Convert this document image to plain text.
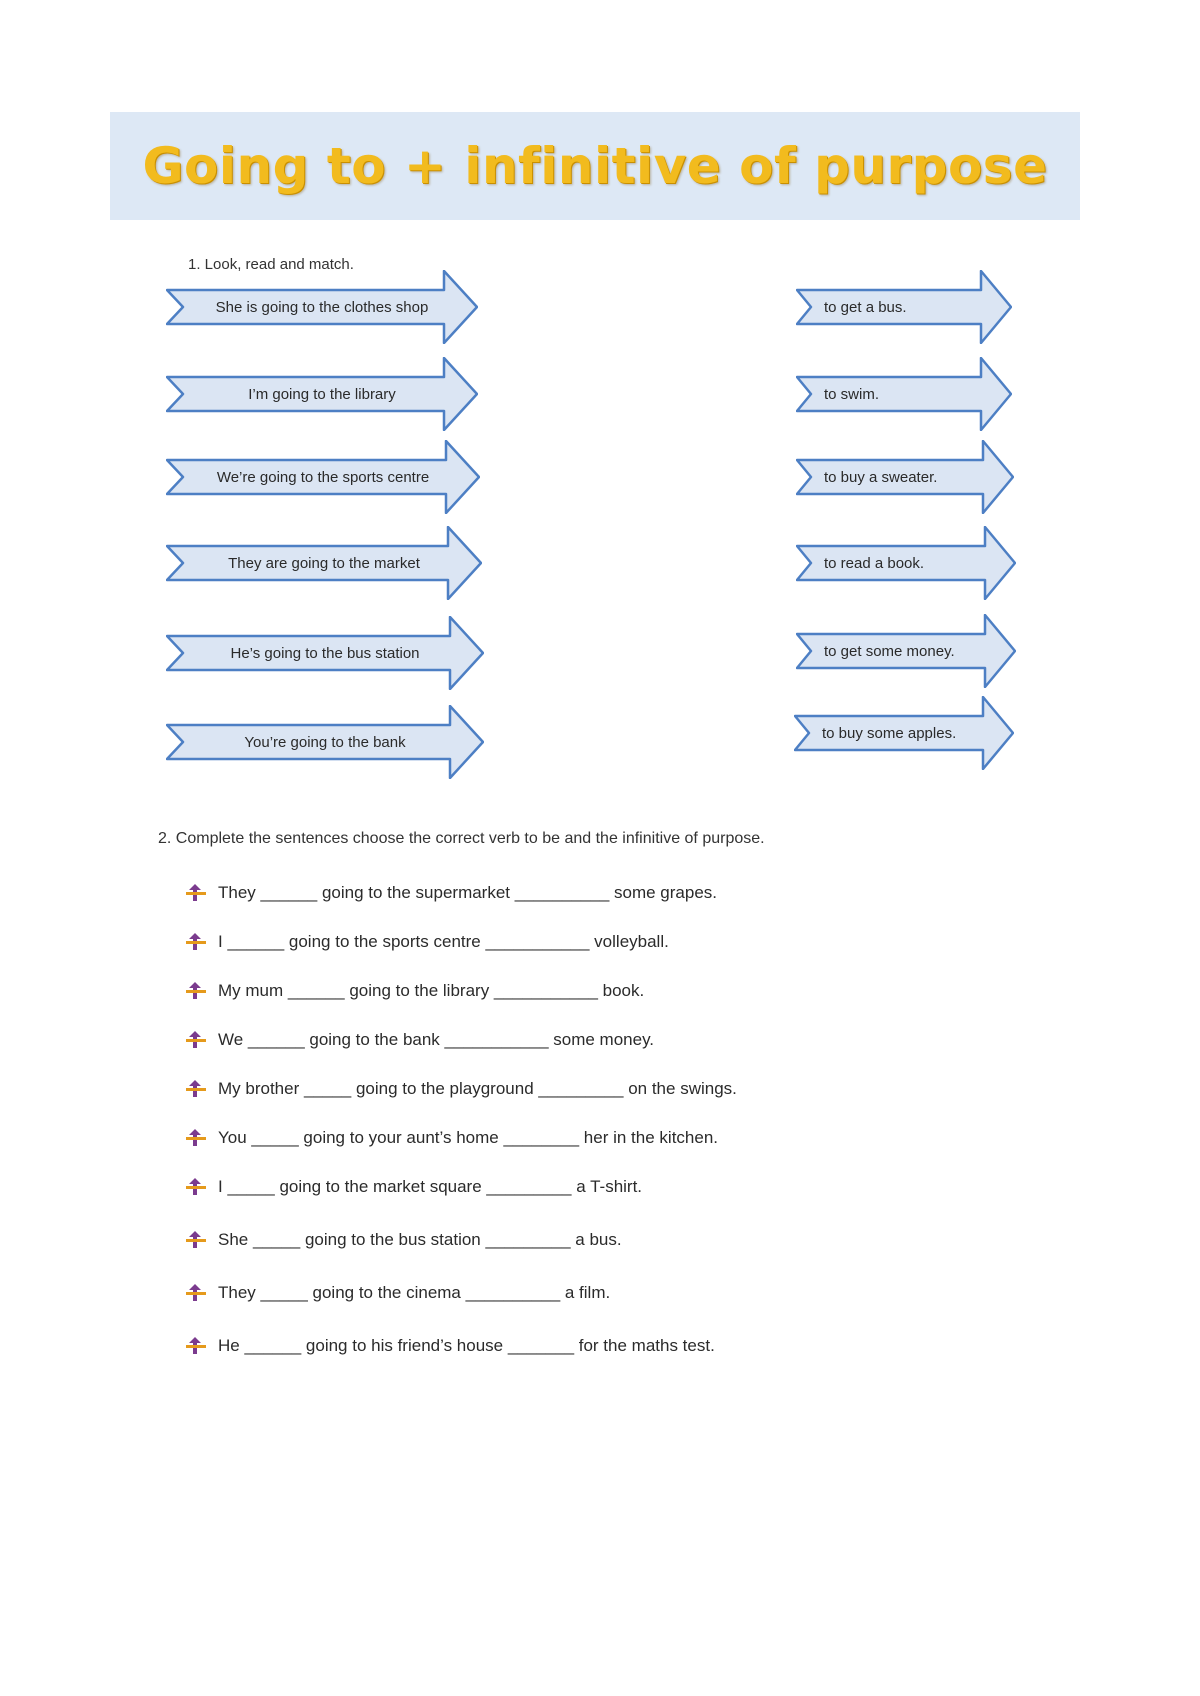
Going to + infinitive of purpose
1. Look, read and match.
She is going to the clothes shop
I’m going to the library
We’re going to the sports centre
They are going to the market
He’s going to the bus station
You’re going to the bank
to get a bus.
to swim.
to buy a sweater.
to read a book.
to get some money.
to buy some apples.
2. Complete the sentences choose the correct verb to be and the infinitive of purpose.
They ______ going to the supermarket __________ some grapes.
I ______ going to the sports centre ___________ volleyball.
My mum ______ going to the library ___________ book.
We ______ going to the bank ___________ some money.
My brother _____ going to the playground _________ on the swings.
You _____ going to your aunt’s home ________ her in the kitchen.
I _____ going to the market square _________ a T-shirt.
She _____ going to the bus station _________ a bus.
They _____ going to the cinema __________ a film.
He ______ going to his friend’s house _______ for the maths test.
